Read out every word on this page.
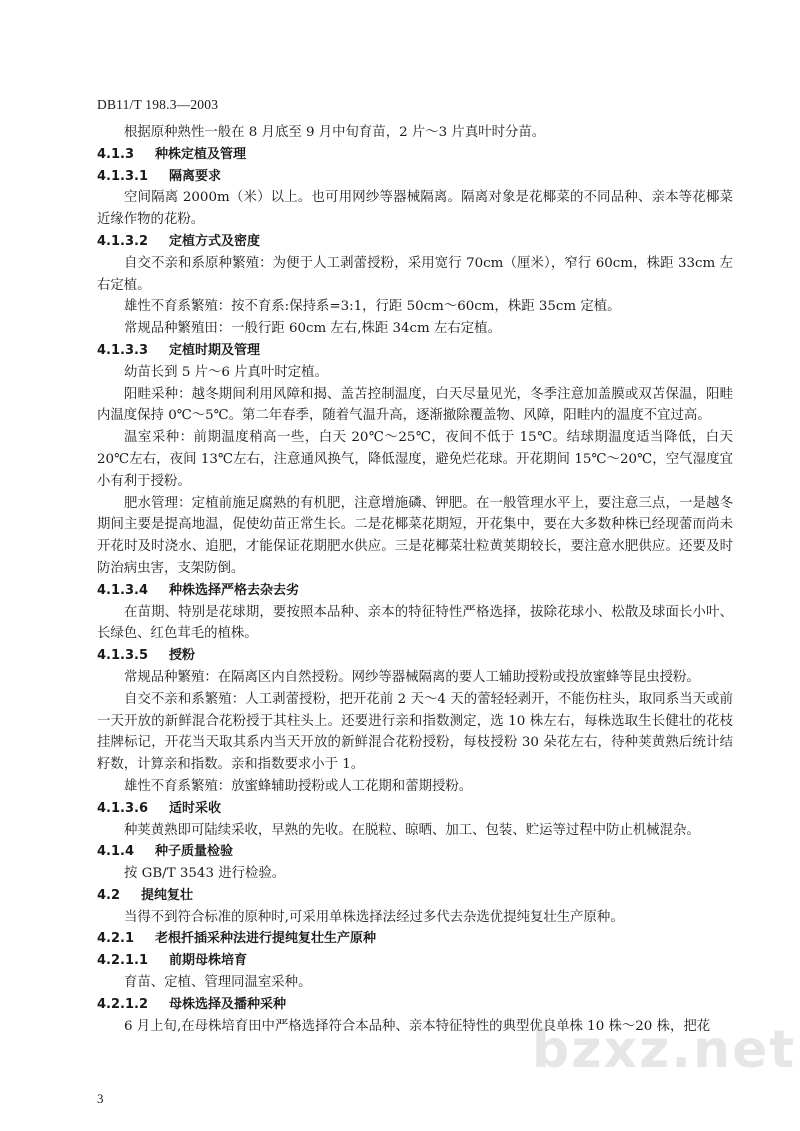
DB11/T 198.3—2003

根据原种熟性一般在 8 月底至 9 月中旬育苗，2 片～3 片真叶时分苗。

4.1.3 种株定植及管理

4.1.3.1 隔离要求

空间隔离 2000m（米）以上。也可用网纱等器械隔离。隔离对象是花椰菜的不同品种、亲本等花椰菜近缘作物的花粉。

4.1.3.2 定植方式及密度

自交不亲和系原种繁殖：为便于人工剥蕾授粉，采用宽行 70cm（厘米），窄行 60cm，株距 33cm 左右定植。

雄性不育系繁殖：按不育系:保持系=3:1，行距 50cm～60cm，株距 35cm 定植。

常规品种繁殖田：一般行距 60cm 左右,株距 34cm 左右定植。

4.1.3.3 定植时期及管理

幼苗长到 5 片～6 片真叶时定植。

阳畦采种：越冬期间利用风障和揭、盖苫控制温度，白天尽量见光，冬季注意加盖膜或双苫保温，阳畦内温度保持 0℃～5℃。第二年春季，随着气温升高，逐渐撤除覆盖物、风障，阳畦内的温度不宜过高。

温室采种：前期温度稍高一些，白天 20℃～25℃，夜间不低于 15℃。结球期温度适当降低，白天 20℃左右，夜间 13℃左右，注意通风换气，降低湿度，避免烂花球。开花期间 15℃～20℃，空气湿度宜小有利于授粉。

肥水管理：定植前施足腐熟的有机肥，注意增施磷、钾肥。在一般管理水平上，要注意三点，一是越冬期间主要是提高地温，促使幼苗正常生长。二是花椰菜花期短，开花集中，要在大多数种株已经现蕾而尚未开花时及时浇水、追肥，才能保证花期肥水供应。三是花椰菜壮粒黄荚期较长，要注意水肥供应。还要及时防治病虫害，支架防倒。

4.1.3.4 种株选择严格去杂去劣

在苗期、特别是花球期，要按照本品种、亲本的特征特性严格选择，拔除花球小、松散及球面长小叶、长绿色、红色茸毛的植株。

4.1.3.5 授粉

常规品种繁殖：在隔离区内自然授粉。网纱等器械隔离的要人工辅助授粉或投放蜜蜂等昆虫授粉。

自交不亲和系繁殖：人工剥蕾授粉，把开花前 2 天～4 天的蕾轻轻剥开，不能伤柱头，取同系当天或前一天开放的新鲜混合花粉授于其柱头上。还要进行亲和指数测定，选 10 株左右，每株选取生长健壮的花枝挂牌标记，开花当天取其系内当天开放的新鲜混合花粉授粉，每枝授粉 30 朵花左右，待种荚黄熟后统计结籽数，计算亲和指数。亲和指数要求小于 1。

雄性不育系繁殖：放蜜蜂辅助授粉或人工花期和蕾期授粉。

4.1.3.6 适时采收

种荚黄熟即可陆续采收，早熟的先收。在脱粒、晾晒、加工、包装、贮运等过程中防止机械混杂。

4.1.4 种子质量检验

按 GB/T 3543 进行检验。

4.2 提纯复壮

当得不到符合标准的原种时,可采用单株选择法经过多代去杂选优提纯复壮生产原种。

4.2.1 老根扦插采种法进行提纯复壮生产原种

4.2.1.1 前期母株培育

育苗、定植、管理同温室采种。

4.2.1.2 母株选择及播种采种

6 月上旬,在母株培育田中严格选择符合本品种、亲本特征特性的典型优良单株 10 株～20 株，把花

3
bzxz.net
